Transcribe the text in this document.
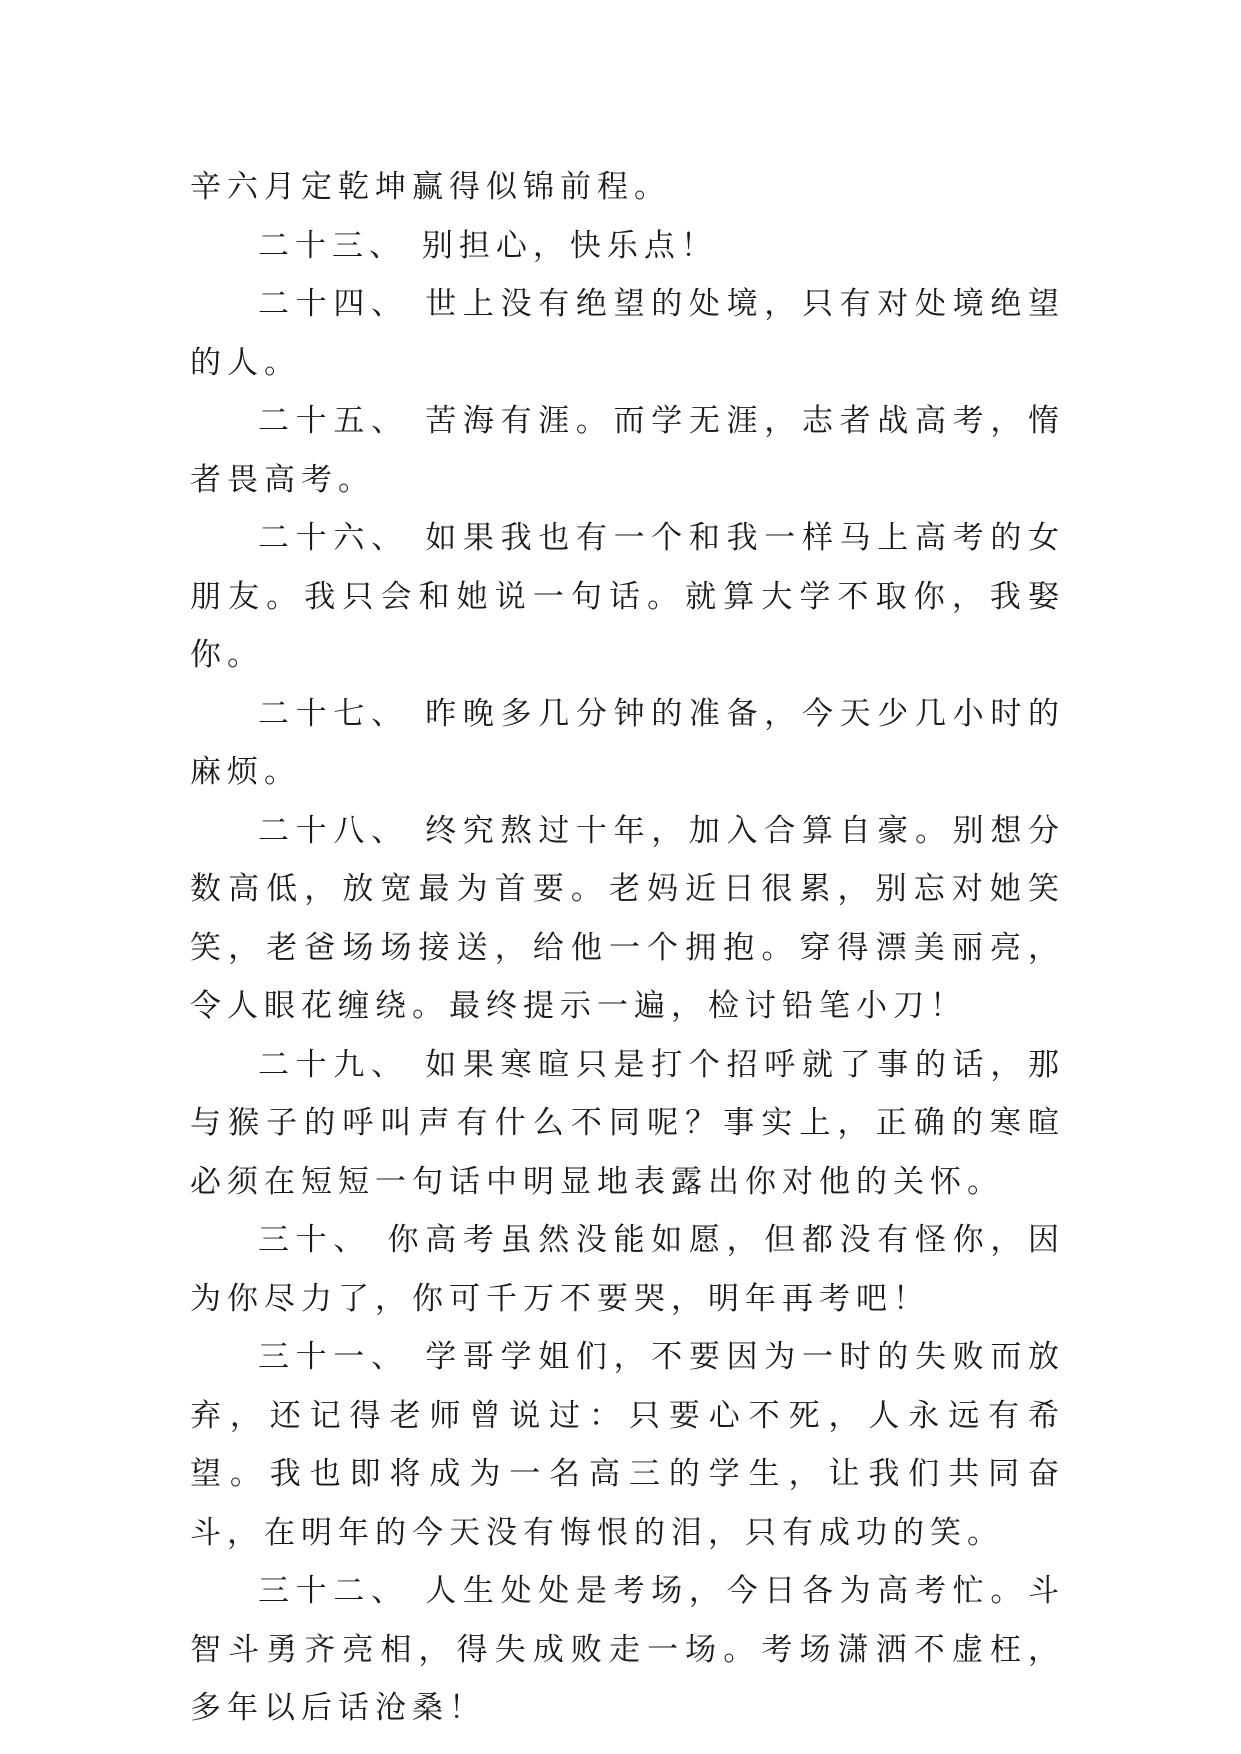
辛六月定乾坤赢得似锦前程。

二十三、 别担心，快乐点！

二十四、 世上没有绝望的处境，只有对处境绝望的人。

二十五、 苦海有涯。而学无涯，志者战高考，惰者畏高考。

二十六、 如果我也有一个和我一样马上高考的女朋友。我只会和她说一句话。就算大学不取你，我娶你。

二十七、 昨晚多几分钟的准备，今天少几小时的麻烦。

二十八、 终究熬过十年，加入合算自豪。别想分数高低，放宽最为首要。老妈近日很累，别忘对她笑笑，老爸场场接送，给他一个拥抱。穿得漂美丽亮，令人眼花缠绕。最终提示一遍，检讨铅笔小刀！

二十九、 如果寒暄只是打个招呼就了事的话，那与猴子的呼叫声有什么不同呢？事实上，正确的寒暄必须在短短一句话中明显地表露出你对他的关怀。

三十、 你高考虽然没能如愿，但都没有怪你，因为你尽力了，你可千万不要哭，明年再考吧！

三十一、 学哥学姐们，不要因为一时的失败而放弃，还记得老师曾说过：只要心不死，人永远有希望。我也即将成为一名高三的学生，让我们共同奋斗，在明年的今天没有悔恨的泪，只有成功的笑。

三十二、 人生处处是考场，今日各为高考忙。斗智斗勇齐亮相，得失成败走一场。考场潇洒不虚枉，多年以后话沧桑！
